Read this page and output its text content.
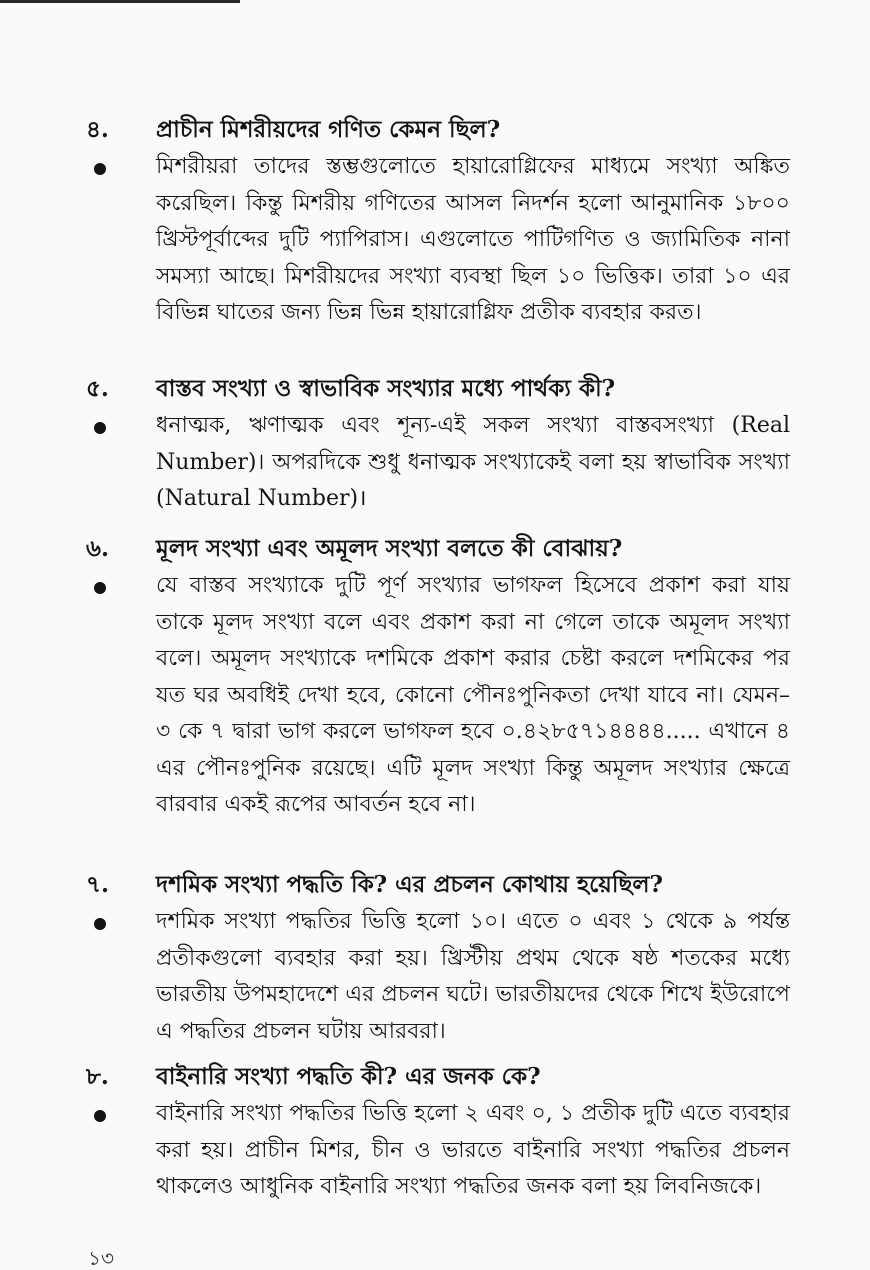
৪. প্রাচীন মিশরীয়দের গণিত কেমন ছিল?
মিশরীয়রা তাদের স্তম্ভগুলোতে হায়ারোগ্লিফের মাধ্যমে সংখ্যা অঙ্কিত করেছিল। কিন্তু মিশরীয় গণিতের আসল নিদর্শন হলো আনুমানিক ১৮০০ খ্রিস্টপূর্বাব্দের দুটি প্যাপিরাস। এগুলোতে পাটিগণিত ও জ্যামিতিক নানা সমস্যা আছে। মিশরীয়দের সংখ্যা ব্যবস্থা ছিল ১০ ভিত্তিক। তারা ১০ এর বিভিন্ন ঘাতের জন্য ভিন্ন ভিন্ন হায়ারোগ্লিফ প্রতীক ব্যবহার করত।
৫. বাস্তব সংখ্যা ও স্বাভাবিক সংখ্যার মধ্যে পার্থক্য কী?
ধনাত্মক, ঋণাত্মক এবং শূন্য-এই সকল সংখ্যা বাস্তবসংখ্যা (Real Number)। অপরদিকে শুধু ধনাত্মক সংখ্যাকেই বলা হয় স্বাভাবিক সংখ্যা (Natural Number)।
৬. মূলদ সংখ্যা এবং অমূলদ সংখ্যা বলতে কী বোঝায়?
যে বাস্তব সংখ্যাকে দুটি পূর্ণ সংখ্যার ভাগফল হিসেবে প্রকাশ করা যায় তাকে মূলদ সংখ্যা বলে এবং প্রকাশ করা না গেলে তাকে অমূলদ সংখ্যা বলে। অমূলদ সংখ্যাকে দশমিকে প্রকাশ করার চেষ্টা করলে দশমিকের পর যত ঘর অবধিই দেখা হবে, কোনো পৌনঃপুনিকতা দেখা যাবে না। যেমন– ৩ কে ৭ দ্বারা ভাগ করলে ভাগফল হবে ০.৪২৮৫৭১৪৪৪৪..... এখানে ৪ এর পৌনঃপুনিক রয়েছে। এটি মূলদ সংখ্যা কিন্তু অমূলদ সংখ্যার ক্ষেত্রে বারবার একই রূপের আবর্তন হবে না।
৭. দশমিক সংখ্যা পদ্ধতি কি? এর প্রচলন কোথায় হয়েছিল?
দশমিক সংখ্যা পদ্ধতির ভিত্তি হলো ১০। এতে ০ এবং ১ থেকে ৯ পর্যন্ত প্রতীকগুলো ব্যবহার করা হয়। খ্রিস্টীয় প্রথম থেকে ষষ্ঠ শতকের মধ্যে ভারতীয় উপমহাদেশে এর প্রচলন ঘটে। ভারতীয়দের থেকে শিখে ইউরোপে এ পদ্ধতির প্রচলন ঘটায় আরবরা।
৮. বাইনারি সংখ্যা পদ্ধতি কী? এর জনক কে?
বাইনারি সংখ্যা পদ্ধতির ভিত্তি হলো ২ এবং ০, ১ প্রতীক দুটি এতে ব্যবহার করা হয়। প্রাচীন মিশর, চীন ও ভারতে বাইনারি সংখ্যা পদ্ধতির প্রচলন থাকলেও আধুনিক বাইনারি সংখ্যা পদ্ধতির জনক বলা হয় লিবনিজকে।
১৩
